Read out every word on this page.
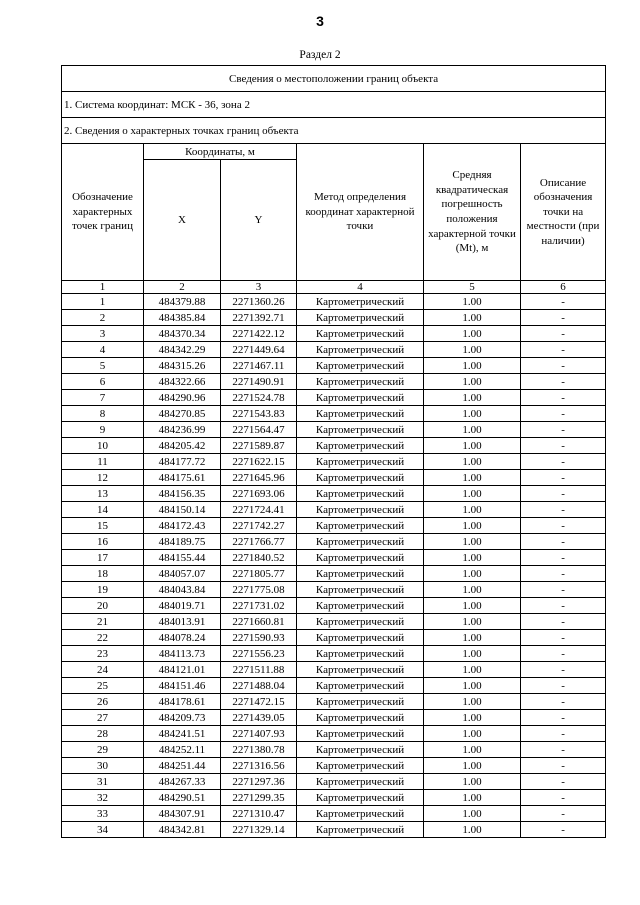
3
Раздел 2
Сведения о местоположении границ объекта					
1. Система координат: МСК - 36, зона 2					
2. Сведения о характерных точках границ объекта					
Обозначение характерных точек границ	Координаты, м		Метод определения координат характерной точки	Средняя квадратическая погрешность положения характерной точки (Mt), м	Описание обозначения точки на местности (при наличии)
	X	Y			
1	2	3	4	5	6
1	484379.88	2271360.26	Картометрический	1.00	-
2	484385.84	2271392.71	Картометрический	1.00	-
3	484370.34	2271422.12	Картометрический	1.00	-
4	484342.29	2271449.64	Картометрический	1.00	-
5	484315.26	2271467.11	Картометрический	1.00	-
6	484322.66	2271490.91	Картометрический	1.00	-
7	484290.96	2271524.78	Картометрический	1.00	-
8	484270.85	2271543.83	Картометрический	1.00	-
9	484236.99	2271564.47	Картометрический	1.00	-
10	484205.42	2271589.87	Картометрический	1.00	-
11	484177.72	2271622.15	Картометрический	1.00	-
12	484175.61	2271645.96	Картометрический	1.00	-
13	484156.35	2271693.06	Картометрический	1.00	-
14	484150.14	2271724.41	Картометрический	1.00	-
15	484172.43	2271742.27	Картометрический	1.00	-
16	484189.75	2271766.77	Картометрический	1.00	-
17	484155.44	2271840.52	Картометрический	1.00	-
18	484057.07	2271805.77	Картометрический	1.00	-
19	484043.84	2271775.08	Картометрический	1.00	-
20	484019.71	2271731.02	Картометрический	1.00	-
21	484013.91	2271660.81	Картометрический	1.00	-
22	484078.24	2271590.93	Картометрический	1.00	-
23	484113.73	2271556.23	Картометрический	1.00	-
24	484121.01	2271511.88	Картометрический	1.00	-
25	484151.46	2271488.04	Картометрический	1.00	-
26	484178.61	2271472.15	Картометрический	1.00	-
27	484209.73	2271439.05	Картометрический	1.00	-
28	484241.51	2271407.93	Картометрический	1.00	-
29	484252.11	2271380.78	Картометрический	1.00	-
30	484251.44	2271316.56	Картометрический	1.00	-
31	484267.33	2271297.36	Картометрический	1.00	-
32	484290.51	2271299.35	Картометрический	1.00	-
33	484307.91	2271310.47	Картометрический	1.00	-
34	484342.81	2271329.14	Картометрический	1.00	-
